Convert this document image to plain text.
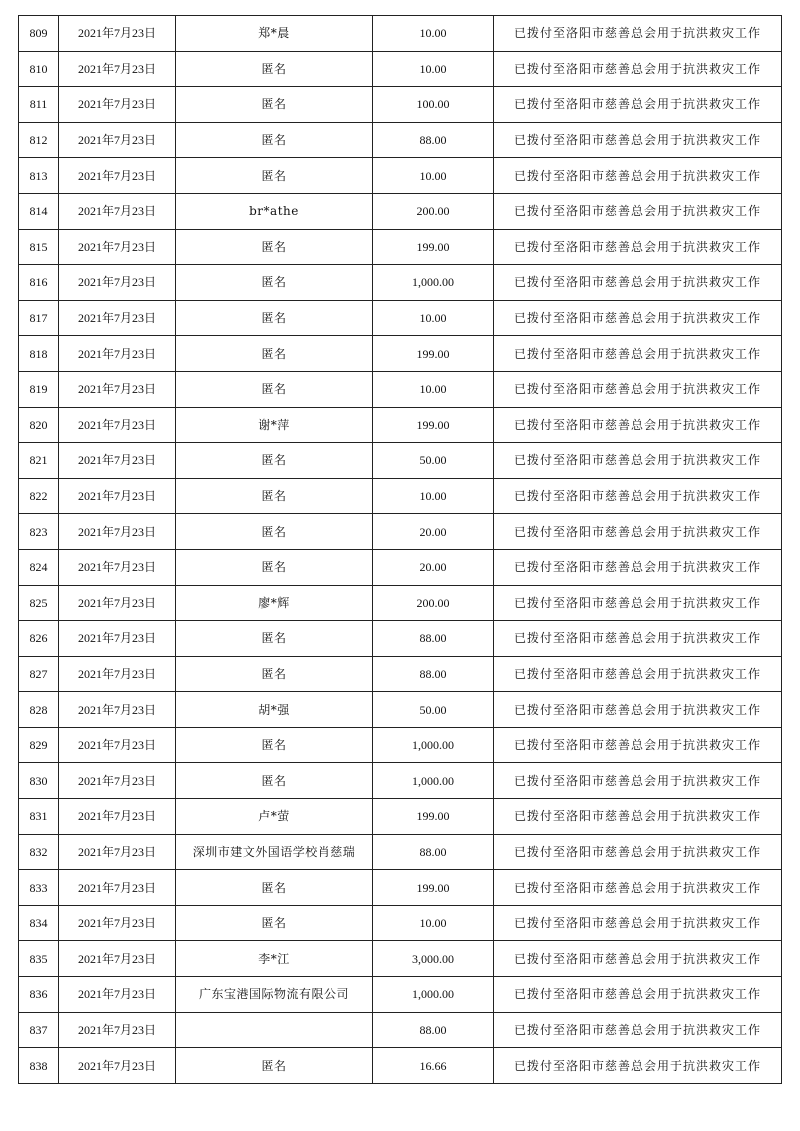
809	2021年7月23日	郑*晨	10.00	已拨付至洛阳市慈善总会用于抗洪救灾工作
810	2021年7月23日	匿名	10.00	已拨付至洛阳市慈善总会用于抗洪救灾工作
811	2021年7月23日	匿名	100.00	已拨付至洛阳市慈善总会用于抗洪救灾工作
812	2021年7月23日	匿名	88.00	已拨付至洛阳市慈善总会用于抗洪救灾工作
813	2021年7月23日	匿名	10.00	已拨付至洛阳市慈善总会用于抗洪救灾工作
814	2021年7月23日	br*athe	200.00	已拨付至洛阳市慈善总会用于抗洪救灾工作
815	2021年7月23日	匿名	199.00	已拨付至洛阳市慈善总会用于抗洪救灾工作
816	2021年7月23日	匿名	1,000.00	已拨付至洛阳市慈善总会用于抗洪救灾工作
817	2021年7月23日	匿名	10.00	已拨付至洛阳市慈善总会用于抗洪救灾工作
818	2021年7月23日	匿名	199.00	已拨付至洛阳市慈善总会用于抗洪救灾工作
819	2021年7月23日	匿名	10.00	已拨付至洛阳市慈善总会用于抗洪救灾工作
820	2021年7月23日	谢*萍	199.00	已拨付至洛阳市慈善总会用于抗洪救灾工作
821	2021年7月23日	匿名	50.00	已拨付至洛阳市慈善总会用于抗洪救灾工作
822	2021年7月23日	匿名	10.00	已拨付至洛阳市慈善总会用于抗洪救灾工作
823	2021年7月23日	匿名	20.00	已拨付至洛阳市慈善总会用于抗洪救灾工作
824	2021年7月23日	匿名	20.00	已拨付至洛阳市慈善总会用于抗洪救灾工作
825	2021年7月23日	廖*辉	200.00	已拨付至洛阳市慈善总会用于抗洪救灾工作
826	2021年7月23日	匿名	88.00	已拨付至洛阳市慈善总会用于抗洪救灾工作
827	2021年7月23日	匿名	88.00	已拨付至洛阳市慈善总会用于抗洪救灾工作
828	2021年7月23日	胡*强	50.00	已拨付至洛阳市慈善总会用于抗洪救灾工作
829	2021年7月23日	匿名	1,000.00	已拨付至洛阳市慈善总会用于抗洪救灾工作
830	2021年7月23日	匿名	1,000.00	已拨付至洛阳市慈善总会用于抗洪救灾工作
831	2021年7月23日	卢*萤	199.00	已拨付至洛阳市慈善总会用于抗洪救灾工作
832	2021年7月23日	深圳市建文外国语学校肖慈瑞	88.00	已拨付至洛阳市慈善总会用于抗洪救灾工作
833	2021年7月23日	匿名	199.00	已拨付至洛阳市慈善总会用于抗洪救灾工作
834	2021年7月23日	匿名	10.00	已拨付至洛阳市慈善总会用于抗洪救灾工作
835	2021年7月23日	李*江	3,000.00	已拨付至洛阳市慈善总会用于抗洪救灾工作
836	2021年7月23日	广东宝港国际物流有限公司	1,000.00	已拨付至洛阳市慈善总会用于抗洪救灾工作
837	2021年7月23日		88.00	已拨付至洛阳市慈善总会用于抗洪救灾工作
838	2021年7月23日	匿名	16.66	已拨付至洛阳市慈善总会用于抗洪救灾工作
